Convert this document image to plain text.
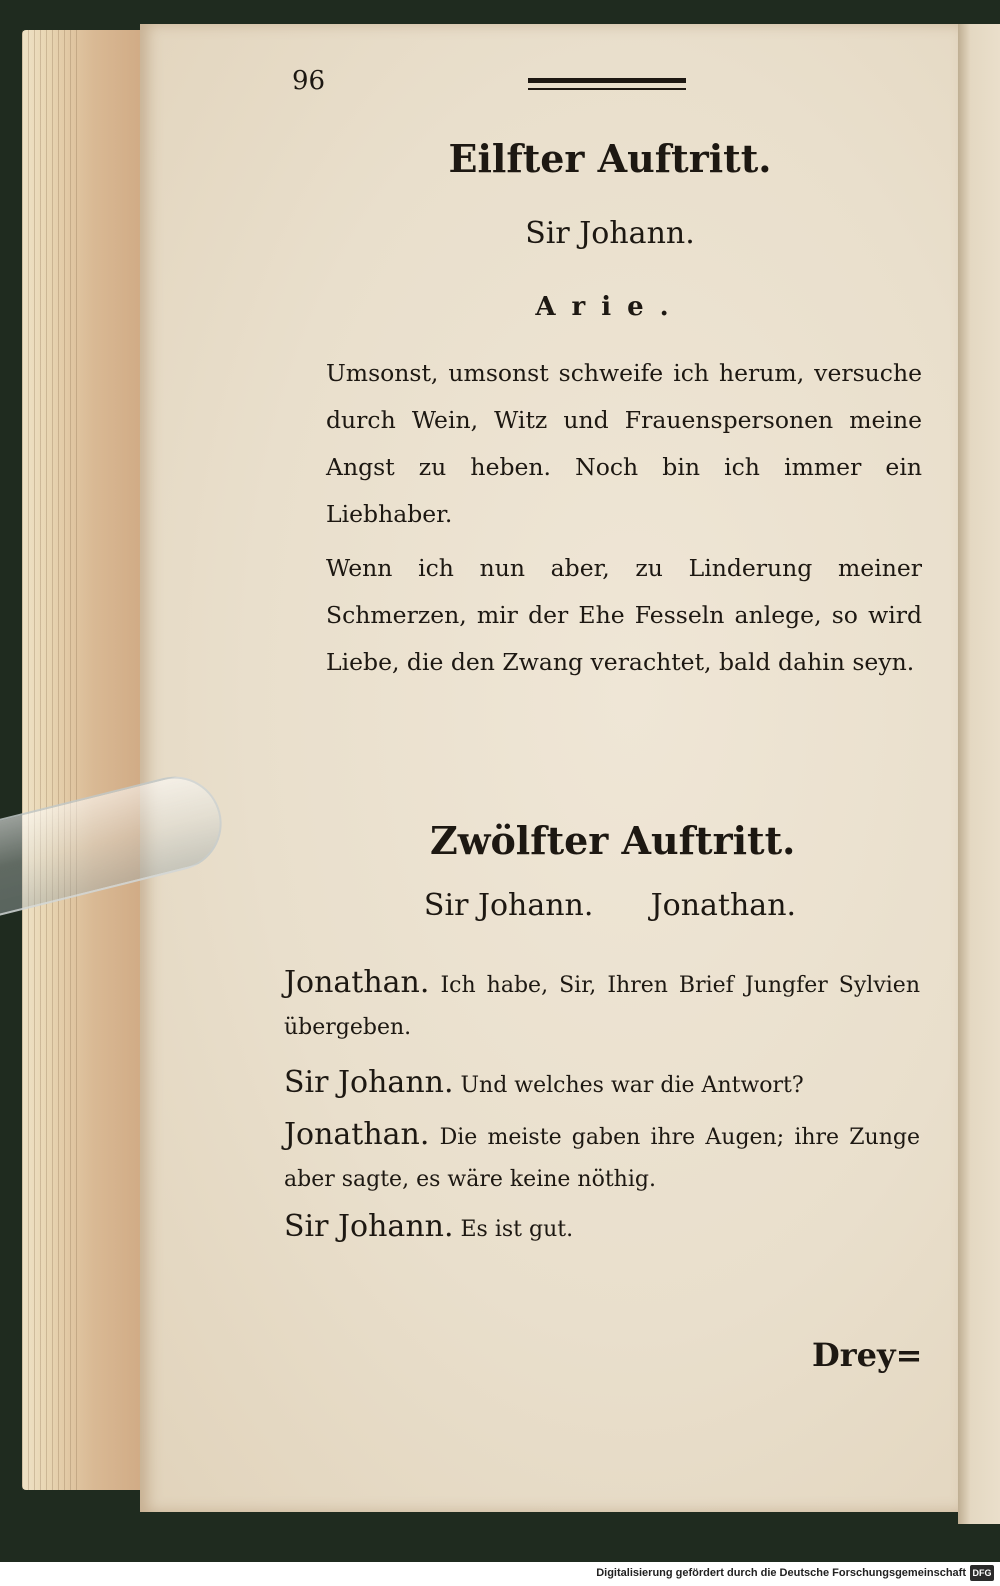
96
Eilfter Auftritt.
Sir Johann.
Arie.

Umsonst, umsonst schweife ich herum, versuche durch Wein, Witz und Frauenspersonen meine Angst zu heben. Noch bin ich immer ein Liebhaber.

Wenn ich nun aber, zu Linderung meiner Schmerzen, mir der Ehe Fesseln anlege, so wird Liebe, die den Zwang verachtet, bald dahin seyn.

Zwölfter Auftritt.
Sir Johann.      Jonathan.

Jonathan. Ich habe, Sir, Ihren Brief Jungfer Sylvien übergeben.

Sir Johann. Und welches war die Antwort?

Jonathan. Die meiste gaben ihre Augen; ihre Zunge aber sagte, es wäre keine nöthig.

Sir Johann. Es ist gut.

Drey=
Digitalisierung gefördert durch die Deutsche Forschungsgemeinschaft DFG
